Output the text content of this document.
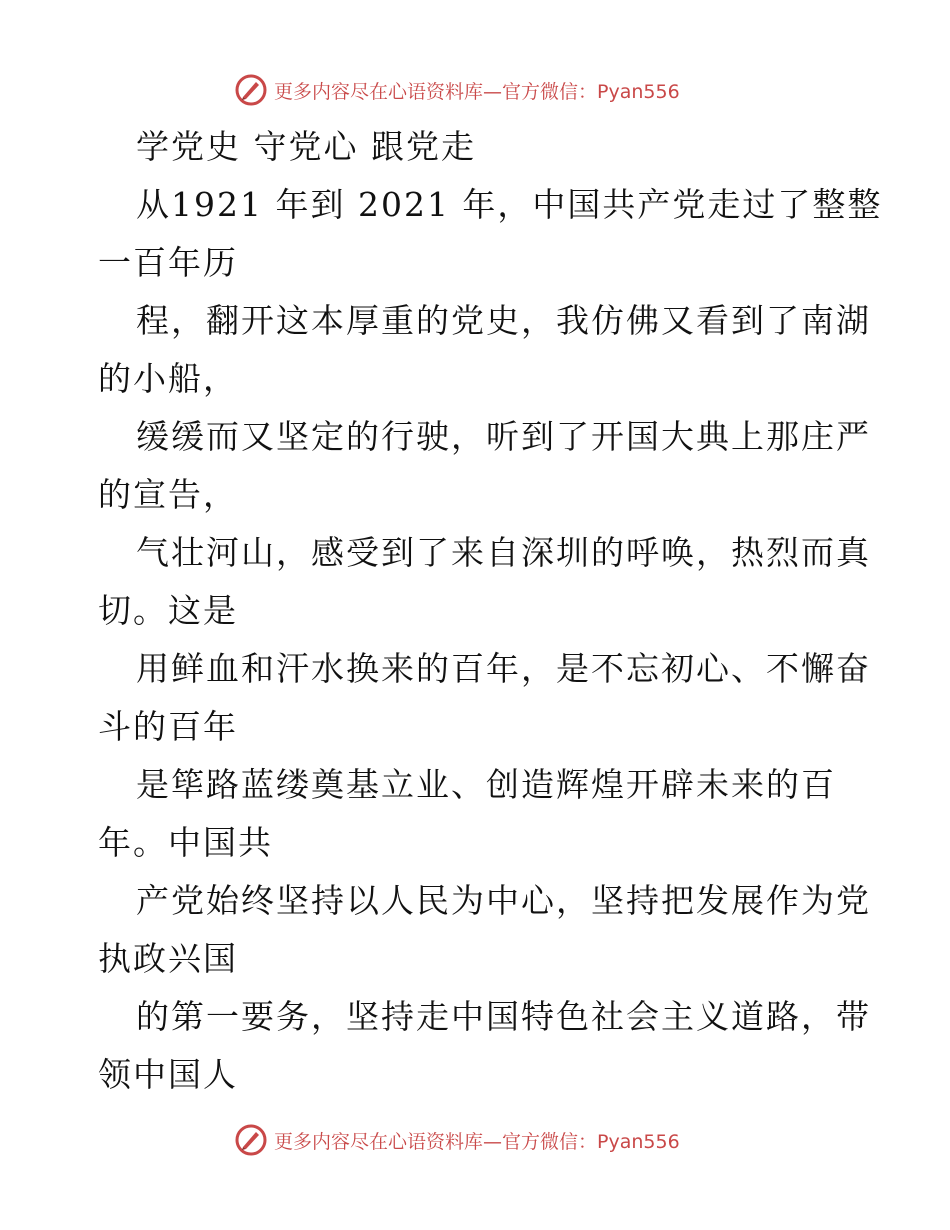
更多内容尽在心语资料库—官方微信：Pyan556
学党史 守党心 跟党走
从1921 年到 2021 年，中国共产党走过了整整
一百年历
程，翻开这本厚重的党史，我仿佛又看到了南湖
的小船，
缓缓而又坚定的行驶，听到了开国大典上那庄严
的宣告，
气壮河山，感受到了来自深圳的呼唤，热烈而真
切。这是
用鲜血和汗水换来的百年，是不忘初心、不懈奋
斗的百年
是筚路蓝缕奠基立业、创造辉煌开辟未来的百
年。中国共
产党始终坚持以人民为中心，坚持把发展作为党
执政兴国
的第一要务，坚持走中国特色社会主义道路，带
领中国人
更多内容尽在心语资料库—官方微信：Pyan556
